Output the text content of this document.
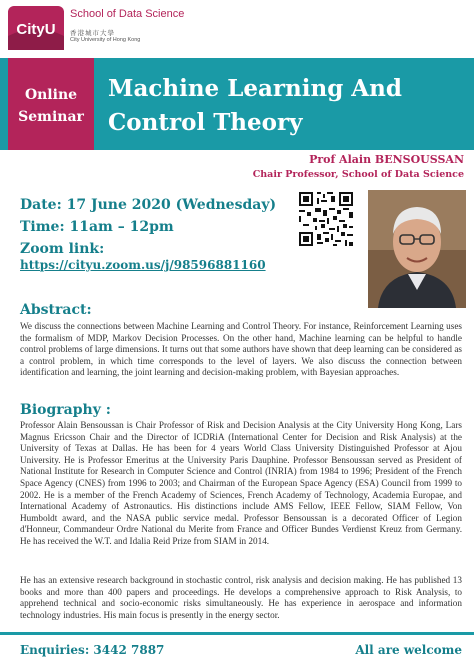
CityU
School of Data Science
香港城市大學
City University of Hong Kong
Online
Seminar
Machine Learning And
Control Theory
Prof Alain BENSOUSSAN
Chair Professor, School of Data Science
Date: 17 June 2020 (Wednesday)
Time: 11am – 12pm
Zoom link:
https://cityu.zoom.us/j/98596881160
Abstract:

We discuss the connections between Machine Learning and Control Theory. For instance, Reinforcement Learning uses the formalism of MDP, Markov Decision Processes. On the other hand, Machine learning can be helpful to handle control problems of large dimensions. It turns out that some authors have shown that deep learning can be considered as a control problem, in which time corresponds to the level of layers. We also discuss the connection between identification and learning, the joint learning and decision-making problem, with Bayesian approaches.

Biography :

Professor Alain Bensoussan is Chair Professor of Risk and Decision Analysis at the City University Hong Kong, Lars Magnus Ericsson Chair and the Director of ICDRiA (International Center for Decision and Risk Analysis) at the University of Texas at Dallas. He has been for 4 years World Class University Distinguished Professor at Ajou University. He is Professor Emeritus at the University Paris Dauphine. Professor Bensoussan served as President of National Institute for Research in Computer Science and Control (INRIA) from 1984 to 1996; President of the French Space Agency (CNES) from 1996 to 2003; and Chairman of the European Space Agency (ESA) Council from 1999 to 2002. He is a member of the French Academy of Sciences, French Academy of Technology, Academia Europae, and International Academy of Astronautics. His distinctions include AMS Fellow, IEEE Fellow, SIAM Fellow, Von Humboldt award, and the NASA public service medal. Professor Bensoussan is a decorated Officer of Legion d'Honneur, Commandeur Ordre National du Merite from France and Officer Bundes Verdienst Kreuz from Germany. He has received the W.T. and Idalia Reid Prize from SIAM in 2014.

He has an extensive research background in stochastic control, risk analysis and decision making. He has published 13 books and more than 400 papers and proceedings. He develops a comprehensive approach to Risk Analysis, to apprehend technical and socio-economic risks simultaneously. He has experience in aerospace and information technology industries. His main focus is presently in the energy sector.

Enquiries: 3442 7887	All are welcome
